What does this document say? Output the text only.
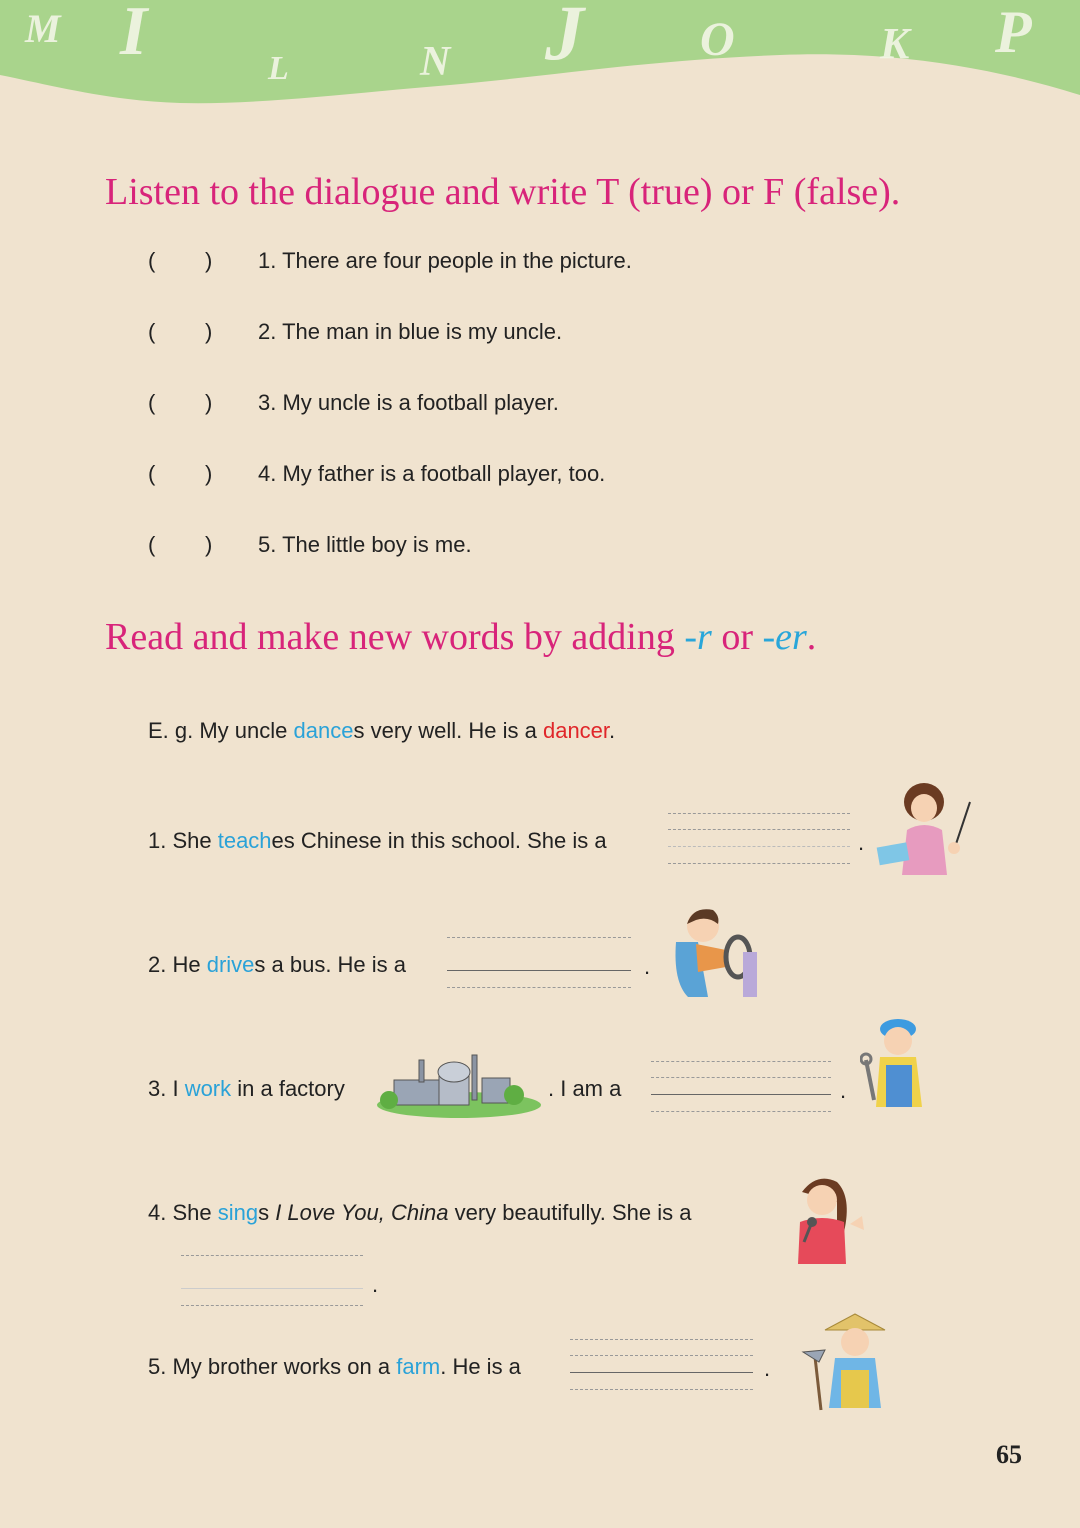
M I	L	N J O	K P
Listen to the dialogue and write T (true) or F (false).
( ) 1. There are four people in the picture.
( ) 2. The man in blue is my uncle.
( ) 3. My uncle is a football player.
( ) 4. My father is a football player, too.
( ) 5. The little boy is me.
Read and make new words by adding -r or -er.
E. g. My uncle dances very well. He is a dancer.
1. She teaches Chinese in this school. She is a	.
2. He drives a bus. He is a	.
3. I work in a factory	. I am a	.
4. She sings I Love You, China very beautifully. She is a
.
5. My brother works on a farm. He is a	.
65
